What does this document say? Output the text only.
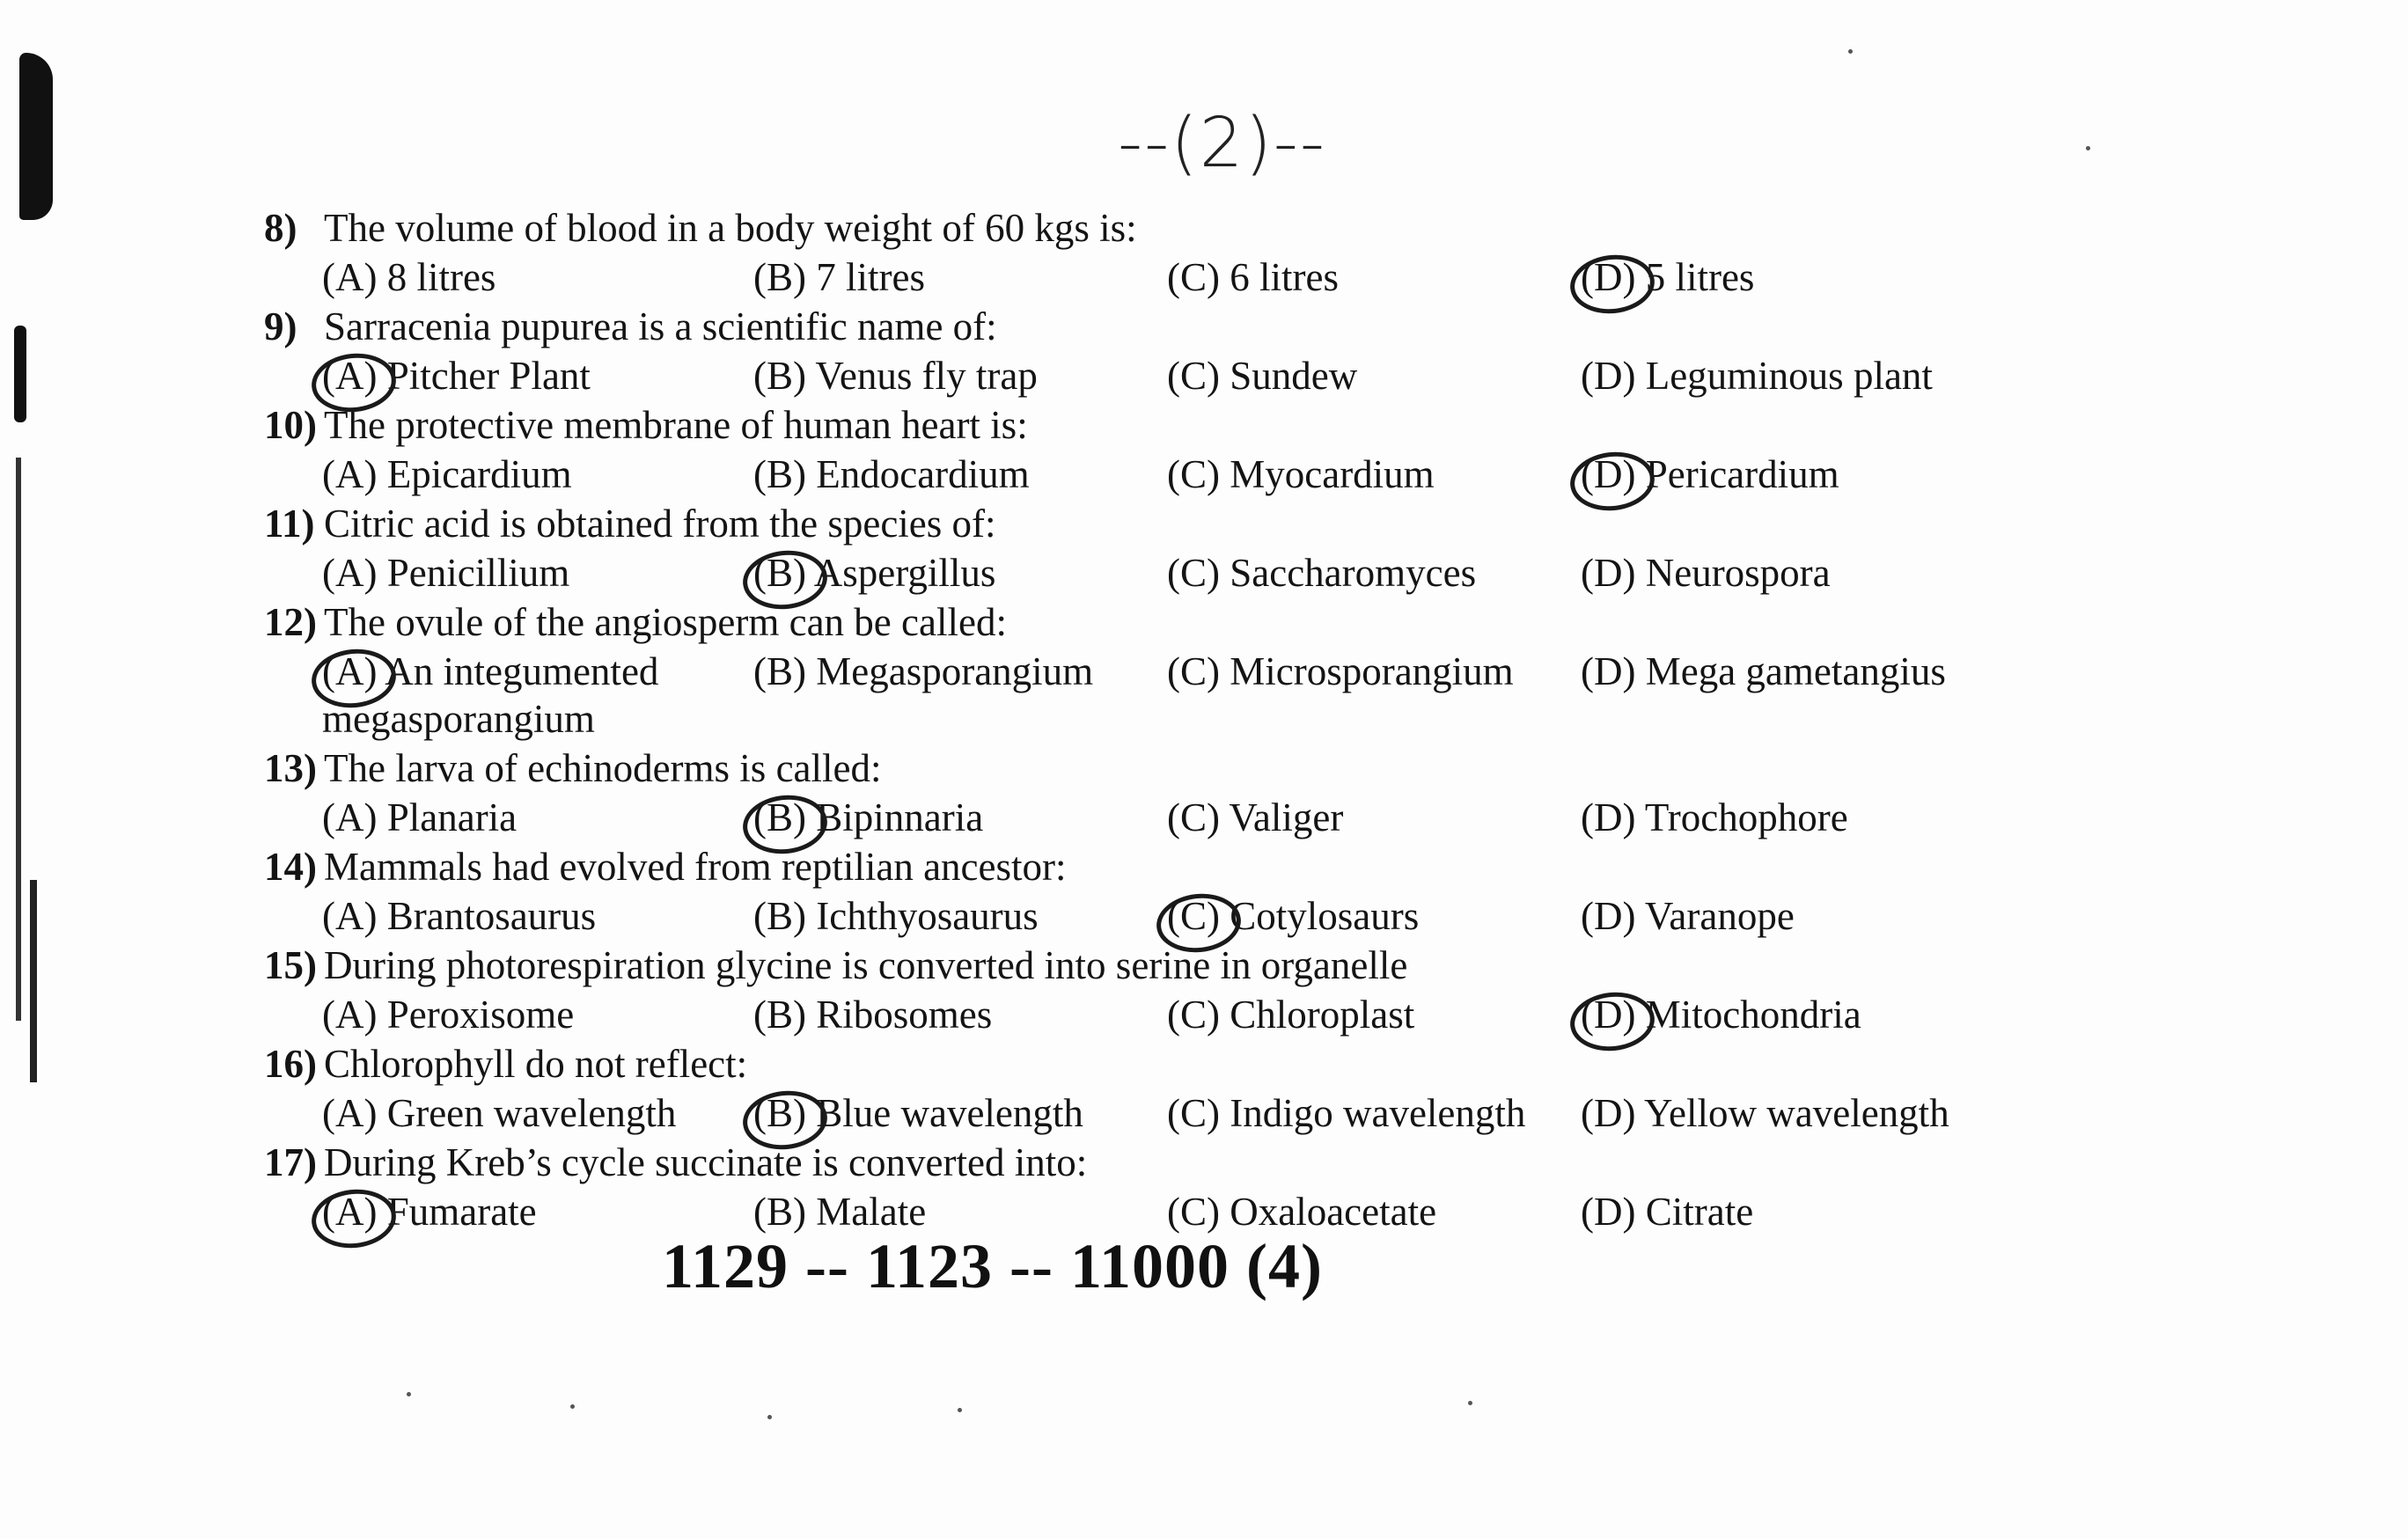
--(2)--
8) The volume of blood in a body weight of 60 kgs is:
(A) 8 litres	(B) 7 litres	(C) 6 litres	(D) 5 litres
9) Sarracenia pupurea is a scientific name of:
(A) Pitcher Plant	(B) Venus fly trap	(C) Sundew	(D) Leguminous plant
10) The protective membrane of human heart is:
(A) Epicardium	(B) Endocardium	(C) Myocardium	(D) Pericardium
11) Citric acid is obtained from the species of:
(A) Penicillium	(B) Aspergillus	(C) Saccharomyces	(D) Neurospora
12) The ovule of the angiosperm can be called:
(A) An integumented megasporangium
(B) Megasporangium	(C) Microsporangium	(D) Mega gametangius
13) The larva of echinoderms is called:
(A) Planaria	(B) Bipinnaria	(C) Valiger	(D) Trochophore
14) Mammals had evolved from reptilian ancestor:
(A) Brantosaurus	(B) Ichthyosaurus	(C) Cotylosaurs	(D) Varanope
15) During photorespiration glycine is converted into serine in organelle
(A) Peroxisome	(B) Ribosomes	(C) Chloroplast	(D) Mitochondria
16) Chlorophyll do not reflect:
(A) Green wavelength	(B) Blue wavelength	(C) Indigo wavelength	(D) Yellow wavelength
17) During Kreb’s cycle succinate is converted into:
(A) Fumarate	(B) Malate	(C) Oxaloacetate	(D) Citrate
1129 -- 1123 -- 11000 (4)
